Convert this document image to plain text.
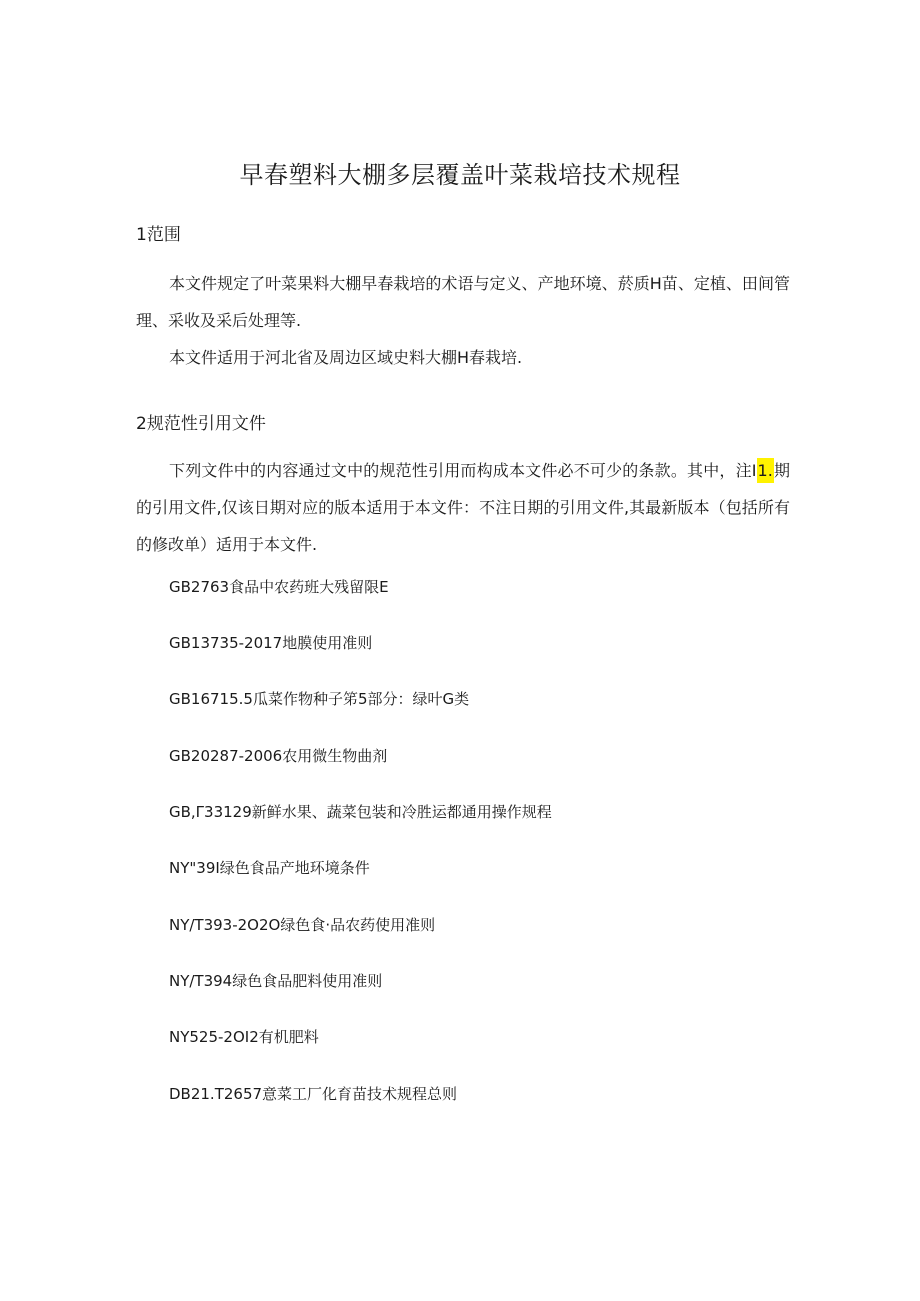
早春塑料大棚多层覆盖叶菜栽培技术规程
1范围
本文件规定了叶菜果料大棚早春栽培的术语与定义、产地环境、菸质H苗、定植、田间管理、采收及采后处理等.
本文件适用于河北省及周边区域史料大棚H春栽培.
2规范性引用文件
下列文件中的内容通过文中的规范性引用而构成本文件必不可少的条款。其中，注I1.期的引用文件,仅该日期对应的版本适用于本文件：不注日期的引用文件,其最新版本（包括所有的修改单）适用于本文件.
GB2763食品中农药班大残留限E
GB13735-2017地膜使用准则
GB16715.5瓜菜作物种子笫5部分：绿叶G类
GB20287-2006农用微生物曲剂
GB,Γ33129新鲜水果、蔬菜包装和冷胜运都通用操作规程
NY"39I绿色食品产地环境条件
NY/T393-2O2O绿色食·品农药使用准则
NY/T394绿色食品肥料使用准则
NY525-2OI2有机肥料
DB21.T2657意菜工厂化育苗技术规程总则
